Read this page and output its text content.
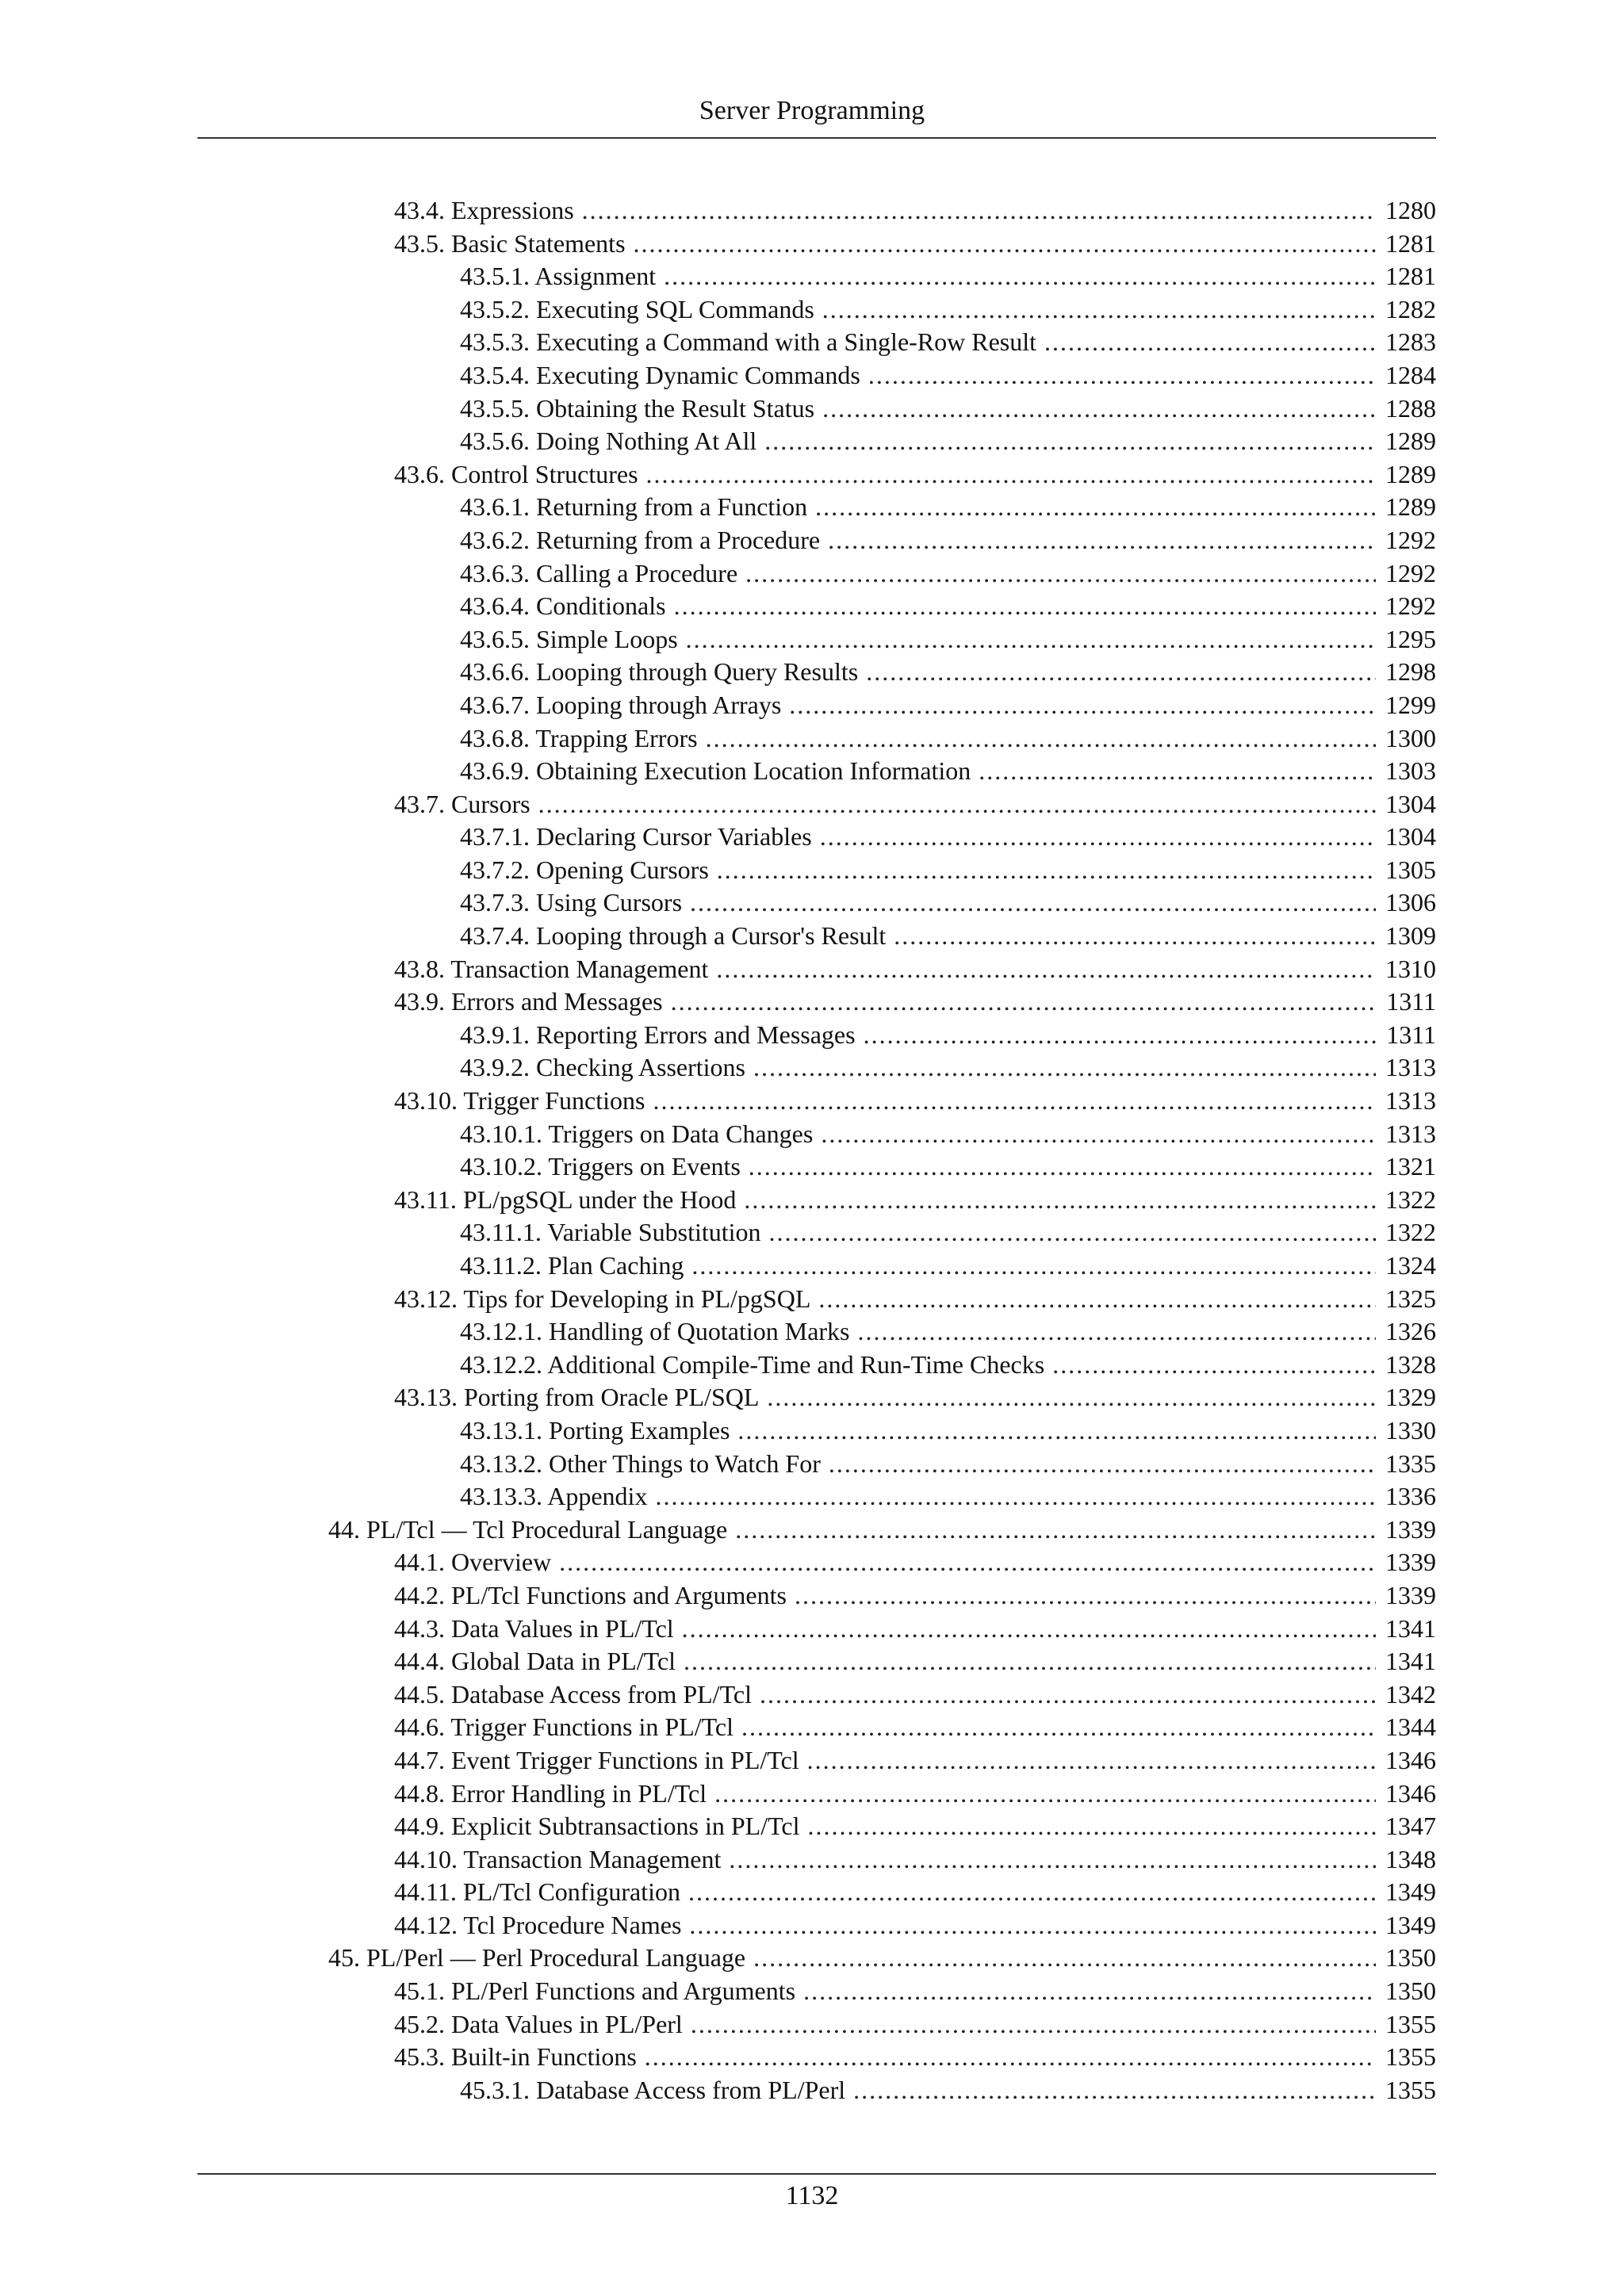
Server Programming
43.4. Expressions .....	1280
43.5. Basic Statements .....	1281
43.5.1. Assignment .....	1281
43.5.2. Executing SQL Commands .....	1282
43.5.3. Executing a Command with a Single-Row Result .....	1283
43.5.4. Executing Dynamic Commands .....	1284
43.5.5. Obtaining the Result Status .....	1288
43.5.6. Doing Nothing At All .....	1289
43.6. Control Structures .....	1289
43.6.1. Returning from a Function .....	1289
43.6.2. Returning from a Procedure .....	1292
43.6.3. Calling a Procedure .....	1292
43.6.4. Conditionals .....	1292
43.6.5. Simple Loops .....	1295
43.6.6. Looping through Query Results .....	1298
43.6.7. Looping through Arrays .....	1299
43.6.8. Trapping Errors .....	1300
43.6.9. Obtaining Execution Location Information .....	1303
43.7. Cursors .....	1304
43.7.1. Declaring Cursor Variables .....	1304
43.7.2. Opening Cursors .....	1305
43.7.3. Using Cursors .....	1306
43.7.4. Looping through a Cursor's Result .....	1309
43.8. Transaction Management .....	1310
43.9. Errors and Messages .....	1311
43.9.1. Reporting Errors and Messages .....	1311
43.9.2. Checking Assertions .....	1313
43.10. Trigger Functions .....	1313
43.10.1. Triggers on Data Changes .....	1313
43.10.2. Triggers on Events .....	1321
43.11. PL/pgSQL under the Hood .....	1322
43.11.1. Variable Substitution .....	1322
43.11.2. Plan Caching .....	1324
43.12. Tips for Developing in PL/pgSQL .....	1325
43.12.1. Handling of Quotation Marks .....	1326
43.12.2. Additional Compile-Time and Run-Time Checks .....	1328
43.13. Porting from Oracle PL/SQL .....	1329
43.13.1. Porting Examples .....	1330
43.13.2. Other Things to Watch For .....	1335
43.13.3. Appendix .....	1336
44. PL/Tcl — Tcl Procedural Language .....	1339
44.1. Overview .....	1339
44.2. PL/Tcl Functions and Arguments .....	1339
44.3. Data Values in PL/Tcl .....	1341
44.4. Global Data in PL/Tcl .....	1341
44.5. Database Access from PL/Tcl .....	1342
44.6. Trigger Functions in PL/Tcl .....	1344
44.7. Event Trigger Functions in PL/Tcl .....	1346
44.8. Error Handling in PL/Tcl .....	1346
44.9. Explicit Subtransactions in PL/Tcl .....	1347
44.10. Transaction Management .....	1348
44.11. PL/Tcl Configuration .....	1349
44.12. Tcl Procedure Names .....	1349
45. PL/Perl — Perl Procedural Language .....	1350
45.1. PL/Perl Functions and Arguments .....	1350
45.2. Data Values in PL/Perl .....	1355
45.3. Built-in Functions .....	1355
45.3.1. Database Access from PL/Perl .....	1355
1132
